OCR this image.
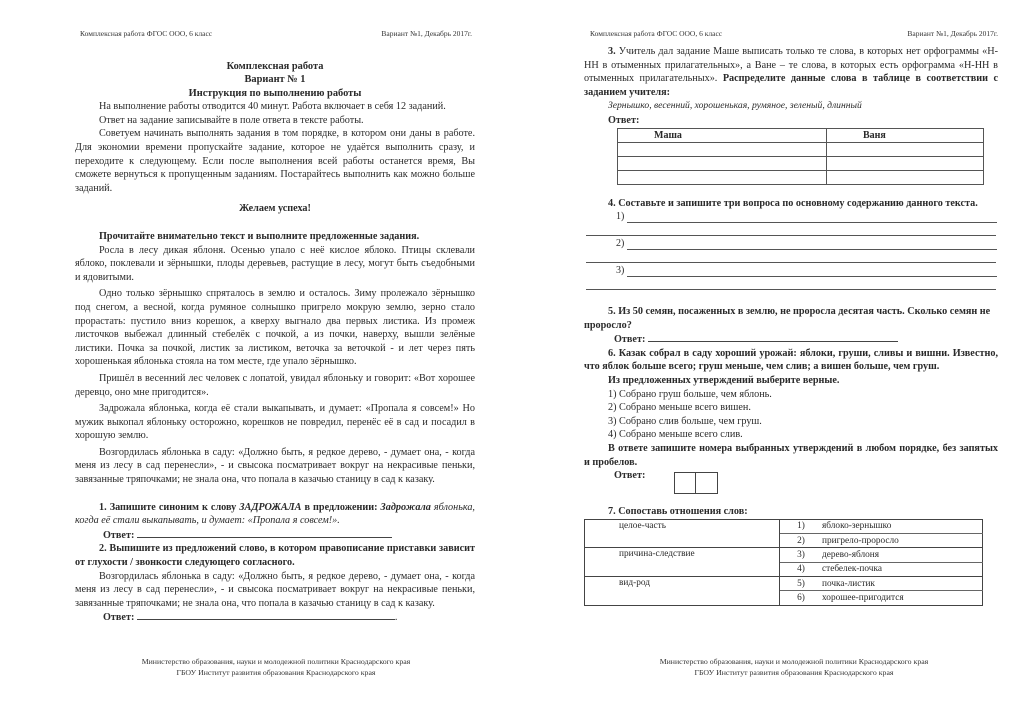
Комплексная работа ФГОС ООО, 6 класс	Вариант №1, Декабрь 2017г.

Комплексная работа

Вариант № 1

Инструкция по выполнению работы

На выполнение работы отводится 40 минут. Работа включает в себя 12 заданий.

Ответ на задание записывайте в поле ответа в тексте работы.

Советуем начинать выполнять задания в том порядке, в котором они даны в работе. Для экономии времени пропускайте задание, которое не удаётся выполнить сразу, и переходите к следующему. Если после выполнения всей работы останется время, Вы сможете вернуться к пропущенным заданиям. Постарайтесь выполнить как можно больше заданий.

Желаем успеха!

Прочитайте внимательно текст и выполните предложенные задания.

Росла в лесу дикая яблоня. Осенью упало с неё кислое яблоко. Птицы склевали яблоко, поклевали и зёрнышки, плоды деревьев, растущие в лесу, могут быть съедобными и ядовитыми.

Одно только зёрнышко спряталось в землю и осталось. Зиму пролежало зёрнышко под снегом, а весной, когда румяное солнышко пригрело мокрую землю, зерно стало прорастать: пустило вниз корешок, а кверху выгнало два первых листика. Из промеж листочков выбежал длинный стебелёк с почкой, а из почки, наверху, вышли зелёные листики. Почка за почкой, листик за листиком, веточка за веточкой - и лет через пять хорошенькая яблонька стояла на том месте, где упало зёрнышко.

Пришёл в весенний лес человек с лопатой, увидал яблоньку и говорит: «Вот хорошее деревцо, оно мне пригодится».

Задрожала яблонька, когда её стали выкапывать, и думает: «Пропала я совсем!» Но мужик выкопал яблоньку осторожно, корешков не повредил, перенёс её в сад и посадил в хорошую землю.

Возгордилась яблонька в саду: «Должно быть, я редкое дерево, - думает она, - когда меня из лесу в сад перенесли», - и свысока посматривает вокруг на некрасивые пеньки, завязанные тряпочками; не знала она, что попала в казачью станицу в сад к казаку.

1. Запишите синоним к слову ЗАДРОЖАЛА в предложении: Задрожала яблонька, когда её стали выкапывать, и думает: «Пропала я совсем!».

Ответ:

2. Выпишите из предложений слово, в котором правописание приставки зависит от глухости / звонкости следующего согласного.

Возгордилась яблонька в саду: «Должно быть, я редкое дерево, - думает она, - когда меня из лесу в сад перенесли», - и свысока посматривает вокруг на некрасивые пеньки, завязанные тряпочками; не знала она, что попала в казачью станицу в сад к казаку.

Ответ:	.

Министерство образования, науки и молодежной политики Краснодарского края
ГБОУ Институт развития образования Краснодарского края
Комплексная работа ФГОС ООО, 6 класс	Вариант №1, Декабрь 2017г.

3. Учитель дал задание Маше выписать только те слова, в которых нет орфограммы «Н-НН в отыменных прилагательных», а Ване – те слова, в которых есть орфограмма «Н-НН в отыменных прилагательных». Распределите данные слова в таблице в соответствии с заданием учителя:

Зернышко, весенний, хорошенькая, румяное, зеленый, длинный

Ответ:

Маша	Ваня

4. Составьте и запишите три вопроса по основному содержанию данного текста.

1)
2)
3)

5. Из 50 семян, посаженных в землю, не проросла десятая часть. Сколько семян не проросло?

Ответ:

6. Казак собрал в саду хороший урожай: яблоки, груши, сливы и вишни. Известно, что яблок больше всего; груш меньше, чем слив; а вишен больше, чем груш.

Из предложенных утверждений выберите верные.

1) Собрано груш больше, чем яблонь.

2) Собрано меньше всего вишен.

3) Собрано слив больше, чем груш.

4) Собрано меньше всего слив.

В ответе запишите номера выбранных утверждений в любом порядке, без запятых и пробелов.

Ответ:

7. Сопоставь отношения слов:

целое-часть	1)	яблоко-зернышко
	2)	пригрело-проросло
причина-следствие	3)	дерево-яблоня
	4)	стебелек-почка
вид-род	5)	почка-листик
	6)	хорошее-пригодится
Министерство образования, науки и молодежной политики Краснодарского края
ГБОУ Институт развития образования Краснодарского края
